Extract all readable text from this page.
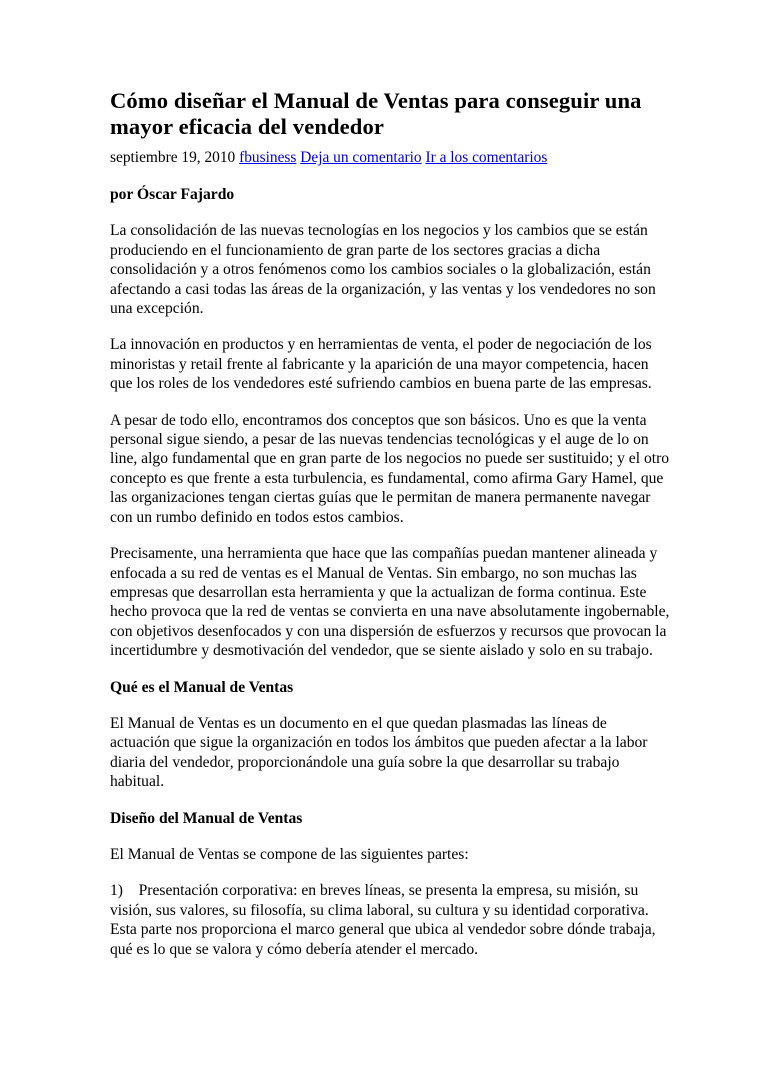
Cómo diseñar el Manual de Ventas para conseguir una mayor eficacia del vendedor
septiembre 19, 2010 fbusiness Deja un comentario Ir a los comentarios

por Óscar Fajardo

La consolidación de las nuevas tecnologías en los negocios y los cambios que se están produciendo en el funcionamiento de gran parte de los sectores gracias a dicha consolidación y a otros fenómenos como los cambios sociales o la globalización, están afectando a casi todas las áreas de la organización, y las ventas y los vendedores no son una excepción.

La innovación en productos y en herramientas de venta, el poder de negociación de los minoristas y retail frente al fabricante y la aparición de una mayor competencia, hacen que los roles de los vendedores esté sufriendo cambios en buena parte de las empresas.

A pesar de todo ello, encontramos dos conceptos que son básicos. Uno es que la venta personal sigue siendo, a pesar de las nuevas tendencias tecnológicas y el auge de lo on line, algo fundamental que en gran parte de los negocios no puede ser sustituido; y el otro concepto es que frente a esta turbulencia, es fundamental, como afirma Gary Hamel, que las organizaciones tengan ciertas guías que le permitan de manera permanente navegar con un rumbo definido en todos estos cambios.

Precisamente, una herramienta que hace que las compañías puedan mantener alineada y enfocada a su red de ventas es el Manual de Ventas. Sin embargo, no son muchas las empresas que desarrollan esta herramienta y que la actualizan de forma continua. Este hecho provoca que la red de ventas se convierta en una nave absolutamente ingobernable, con objetivos desenfocados y con una dispersión de esfuerzos y recursos que provocan la incertidumbre y desmotivación del vendedor, que se siente aislado y solo en su trabajo.

Qué es el Manual de Ventas

El Manual de Ventas es un documento en el que quedan plasmadas las líneas de actuación que sigue la organización en todos los ámbitos que pueden afectar a la labor diaria del vendedor, proporcionándole una guía sobre la que desarrollar su trabajo habitual.

Diseño del Manual de Ventas

El Manual de Ventas se compone de las siguientes partes:

1)    Presentación corporativa: en breves líneas, se presenta la empresa, su misión, su visión, sus valores, su filosofía, su clima laboral, su cultura y su identidad corporativa. Esta parte nos proporciona el marco general que ubica al vendedor sobre dónde trabaja, qué es lo que se valora y cómo debería atender el mercado.
